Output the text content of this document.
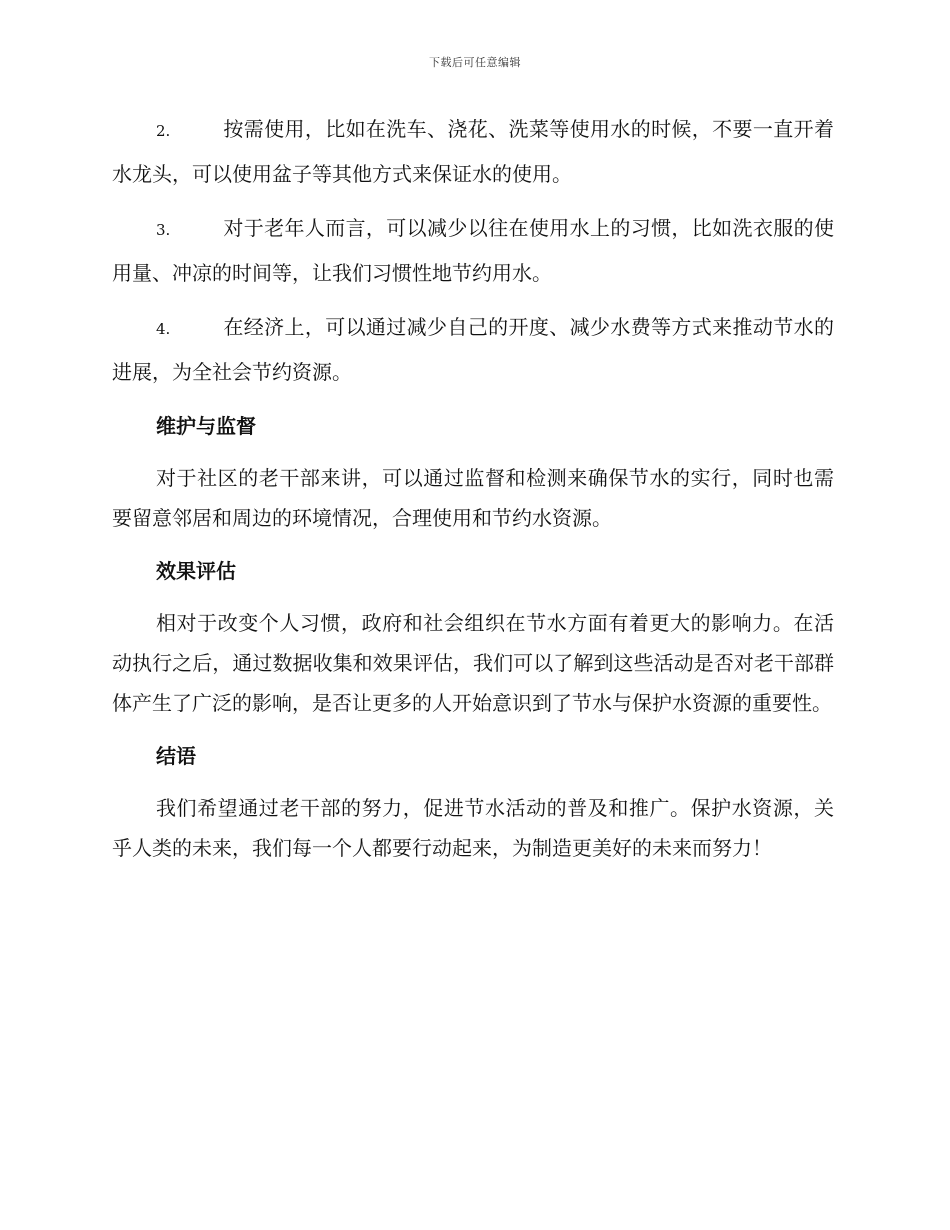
下载后可任意编辑

2.	按需使用，比如在洗车、浇花、洗菜等使用水的时候，不要一直开着水龙头，可以使用盆子等其他方式来保证水的使用。

3.	对于老年人而言，可以减少以往在使用水上的习惯，比如洗衣服的使用量、冲凉的时间等，让我们习惯性地节约用水。

4.	在经济上，可以通过减少自己的开度、减少水费等方式来推动节水的进展，为全社会节约资源。

维护与监督

对于社区的老干部来讲，可以通过监督和检测来确保节水的实行，同时也需要留意邻居和周边的环境情况，合理使用和节约水资源。

效果评估

相对于改变个人习惯，政府和社会组织在节水方面有着更大的影响力。在活动执行之后，通过数据收集和效果评估，我们可以了解到这些活动是否对老干部群体产生了广泛的影响，是否让更多的人开始意识到了节水与保护水资源的重要性。

结语

我们希望通过老干部的努力，促进节水活动的普及和推广。保护水资源，关乎人类的未来，我们每一个人都要行动起来，为制造更美好的未来而努力！
